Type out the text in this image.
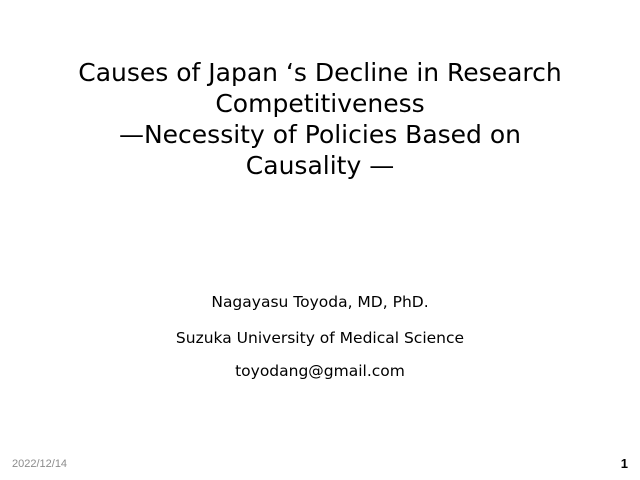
Causes of Japan ‘s Decline in Research
Competitiveness
—Necessity of Policies Based on
Causality —
Nagayasu Toyoda, MD, PhD.
Suzuka University of Medical Science
toyodang@gmail.com
2022/12/14	1
